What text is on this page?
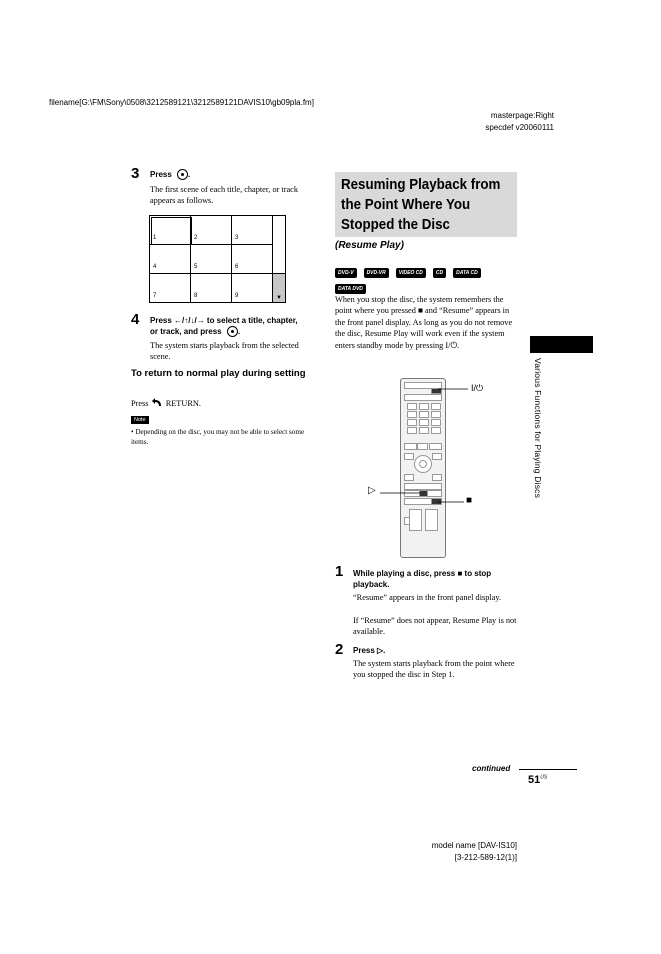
filename[G:\FM\Sony\0508\3212589121\3212589121DAVIS10\gb09pla.fm]
masterpage:Right
specdef v20060111
3 Press .
The first scene of each title, chapter, or track appears as follows.
1	2	3	
4	5	6	
7	8	9	▼
4 Press ←/↑/↓/→ to select a title, chapter,
or track, and press .
The system starts playback from the selected scene.
To return to normal play during setting
Press RETURN.
Note
• Depending on the disc, you may not be able to select some items.
Resuming Playback from the Point Where You Stopped the Disc
(Resume Play)
DVD-V	DVD-VR	VIDEO CD	CD	DATA CD
DATA DVD
When you stop the disc, the system remembers the point where you pressed ■ and “Resume” appears in the front panel display. As long as you do not remove the disc, Resume Play will work even if the system enters standby mode by pressing I/⏻.
I/⏻
▷
■
1 While playing a disc, press ■ to stop playback.
“Resume” appears in the front panel display.
If “Resume” does not appear, Resume Play is not available.
2 Press ▷.
The system starts playback from the point where you stopped the disc in Step 1.
Various Functions for Playing Discs
continued
$51^{US}$
model name [DAV-IS10]
[3-212-589-12(1)]
